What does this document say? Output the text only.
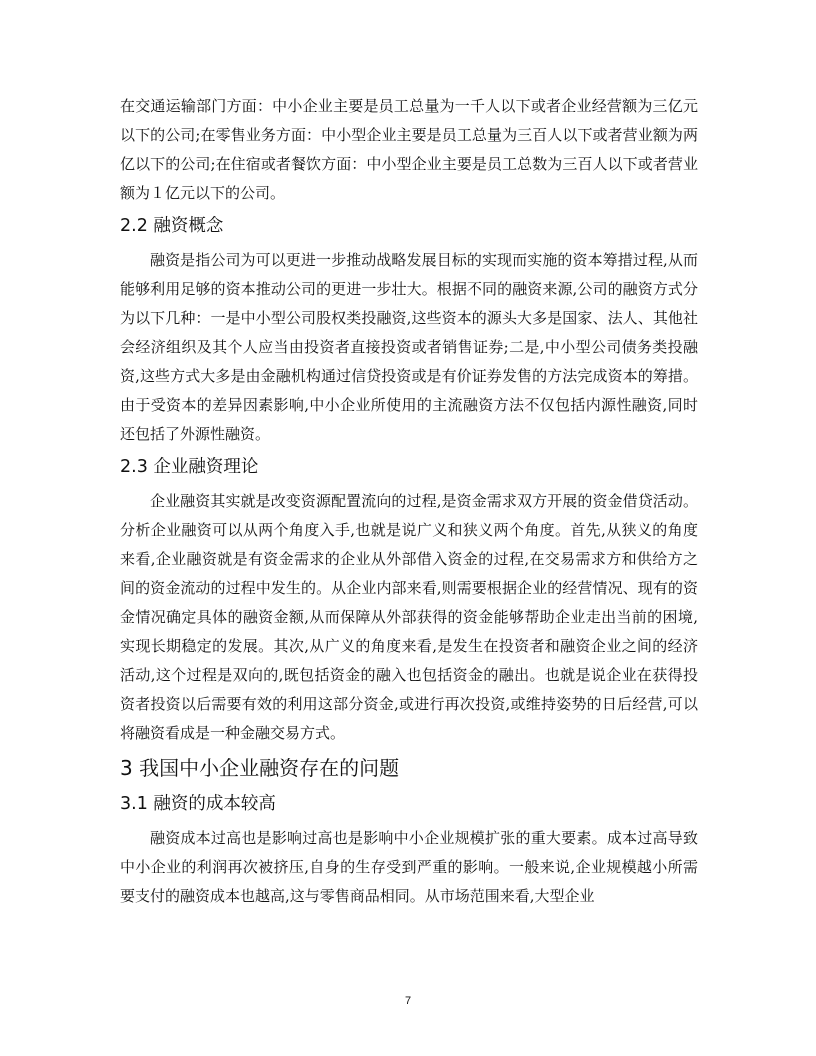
在交通运输部门方面：中小企业主要是员工总量为一千人以下或者企业经营额为三亿元以下的公司;在零售业务方面：中小型企业主要是员工总量为三百人以下或者营业额为两亿以下的公司;在住宿或者餐饮方面：中小型企业主要是员工总数为三百人以下或者营业额为１亿元以下的公司。

2.2 融资概念

融资是指公司为可以更进一步推动战略发展目标的实现而实施的资本筹措过程,从而能够利用足够的资本推动公司的更进一步壮大。根据不同的融资来源,公司的融资方式分为以下几种：一是中小型公司股权类投融资,这些资本的源头大多是国家、法人、其他社会经济组织及其个人应当由投资者直接投资或者销售证券;二是,中小型公司债务类投融资,这些方式大多是由金融机构通过信贷投资或是有价证券发售的方法完成资本的筹措。由于受资本的差异因素影响,中小企业所使用的主流融资方法不仅包括内源性融资,同时还包括了外源性融资。

2.3 企业融资理论

企业融资其实就是改变资源配置流向的过程,是资金需求双方开展的资金借贷活动。分析企业融资可以从两个角度入手,也就是说广义和狭义两个角度。首先,从狭义的角度来看,企业融资就是有资金需求的企业从外部借入资金的过程,在交易需求方和供给方之间的资金流动的过程中发生的。从企业内部来看,则需要根据企业的经营情况、现有的资金情况确定具体的融资金额,从而保障从外部获得的资金能够帮助企业走出当前的困境,实现长期稳定的发展。其次,从广义的角度来看,是发生在投资者和融资企业之间的经济活动,这个过程是双向的,既包括资金的融入也包括资金的融出。也就是说企业在获得投资者投资以后需要有效的利用这部分资金,或进行再次投资,或维持姿势的日后经营,可以将融资看成是一种金融交易方式。

3 我国中小企业融资存在的问题
3.1 融资的成本较高

融资成本过高也是影响过高也是影响中小企业规模扩张的重大要素。成本过高导致中小企业的利润再次被挤压,自身的生存受到严重的影响。一般来说,企业规模越小所需要支付的融资成本也越高,这与零售商品相同。从市场范围来看,大型企业

7
